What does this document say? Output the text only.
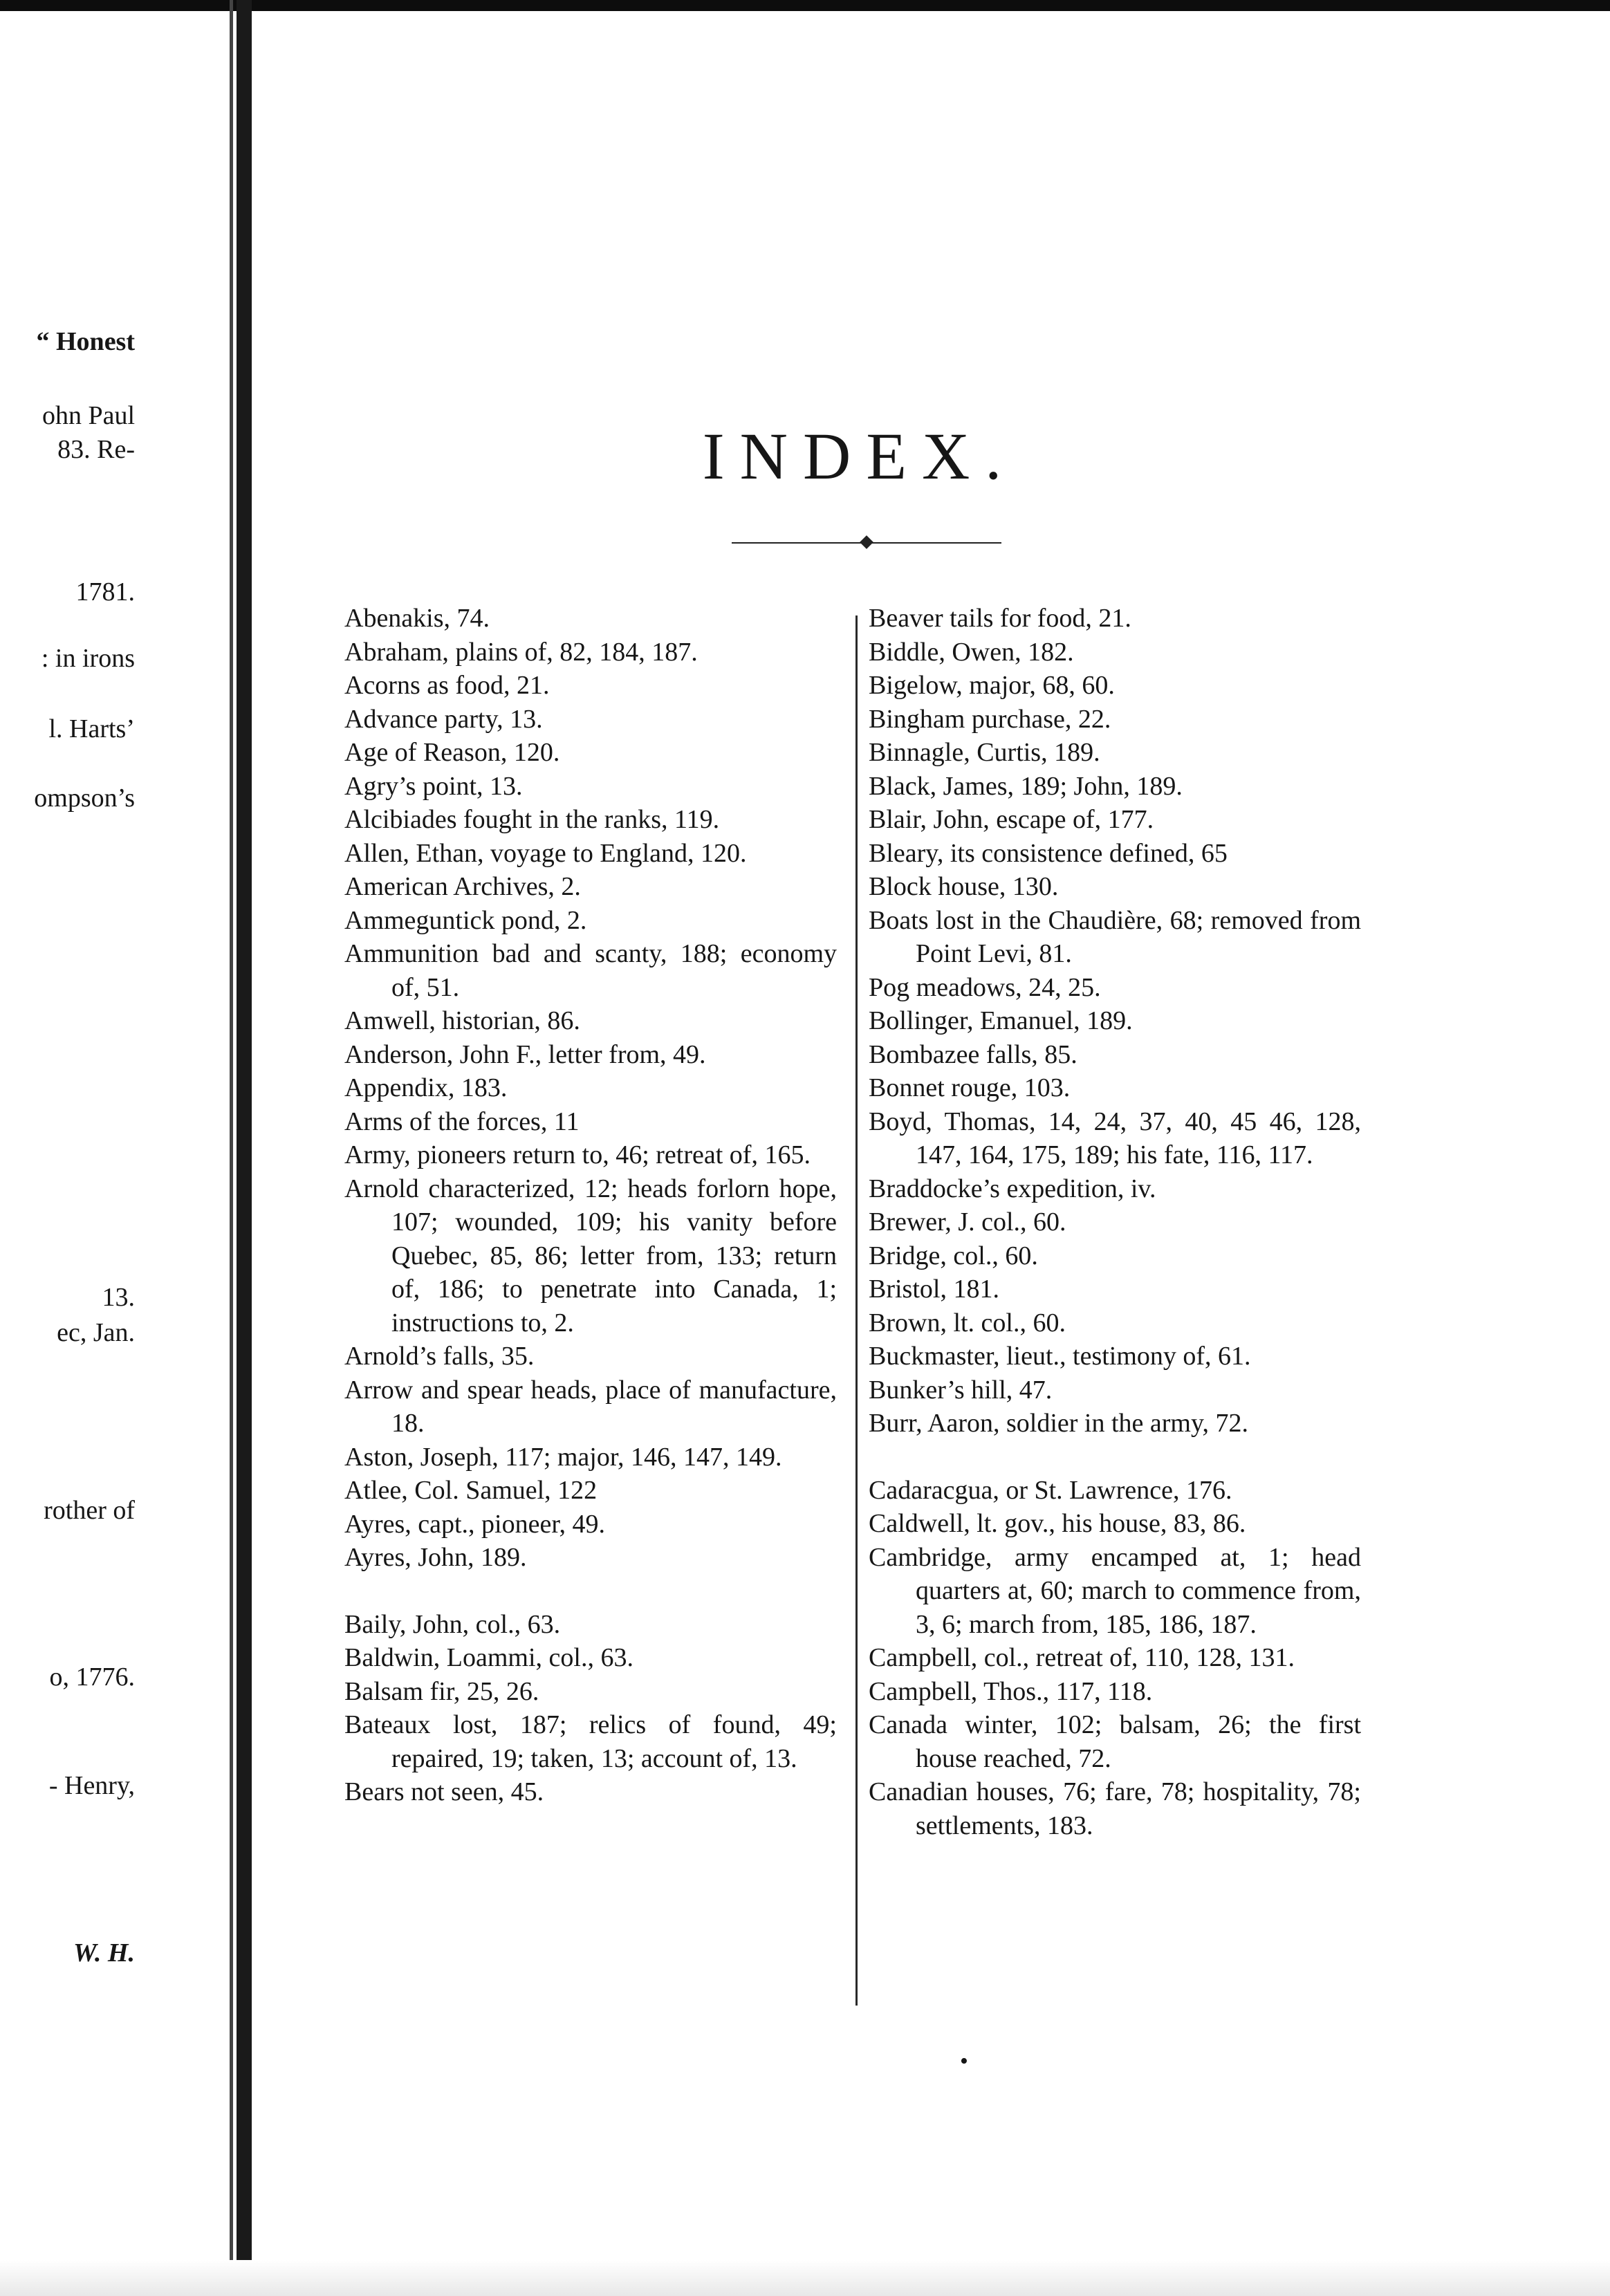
“ Honest
ohn Paul
83. Re-
1781.
: in irons
l. Harts’
ompson’s
13.
ec, Jan.
rother of
o, 1776.
- Henry,
W. H.
INDEX.

Abenakis, 74.

Abraham, plains of, 82, 184, 187.

Acorns as food, 21.

Advance party, 13.

Age of Reason, 120.

Agry’s point, 13.

Alcibiades fought in the ranks, 119.

Allen, Ethan, voyage to England, 120.

American Archives, 2.

Ammeguntick pond, 2.

Ammunition bad and scanty, 188; economy of, 51.

Amwell, historian, 86.

Anderson, John F., letter from, 49.

Appendix, 183.

Arms of the forces, 11

Army, pioneers return to, 46; retreat of, 165.

Arnold characterized, 12; heads forlorn hope, 107; wounded, 109; his vanity before Quebec, 85, 86; letter from, 133; return of, 186; to penetrate into Canada, 1; instructions to, 2.

Arnold’s falls, 35.

Arrow and spear heads, place of manufacture, 18.

Aston, Joseph, 117; major, 146, 147, 149.

Atlee, Col. Samuel, 122

Ayres, capt., pioneer, 49.

Ayres, John, 189.

Baily, John, col., 63.

Baldwin, Loammi, col., 63.

Balsam fir, 25, 26.

Bateaux lost, 187; relics of found, 49; repaired, 19; taken, 13; account of, 13.

Bears not seen, 45.

Beaver tails for food, 21.

Biddle, Owen, 182.

Bigelow, major, 68, 60.

Bingham purchase, 22.

Binnagle, Curtis, 189.

Black, James, 189; John, 189.

Blair, John, escape of, 177.

Bleary, its consistence defined, 65

Block house, 130.

Boats lost in the Chaudière, 68; removed from Point Levi, 81.

Pog meadows, 24, 25.

Bollinger, Emanuel, 189.

Bombazee falls, 85.

Bonnet rouge, 103.

Boyd, Thomas, 14, 24, 37, 40, 45 46, 128, 147, 164, 175, 189; his fate, 116, 117.

Braddocke’s expedition, iv.

Brewer, J. col., 60.

Bridge, col., 60.

Bristol, 181.

Brown, lt. col., 60.

Buckmaster, lieut., testimony of, 61.

Bunker’s hill, 47.

Burr, Aaron, soldier in the army, 72.

Cadaracgua, or St. Lawrence, 176.

Caldwell, lt. gov., his house, 83, 86.

Cambridge, army encamped at, 1; head quarters at, 60; march to commence from, 3, 6; march from, 185, 186, 187.

Campbell, col., retreat of, 110, 128, 131.

Campbell, Thos., 117, 118.

Canada winter, 102; balsam, 26; the first house reached, 72.

Canadian houses, 76; fare, 78; hospitality, 78; settlements, 183.

•
